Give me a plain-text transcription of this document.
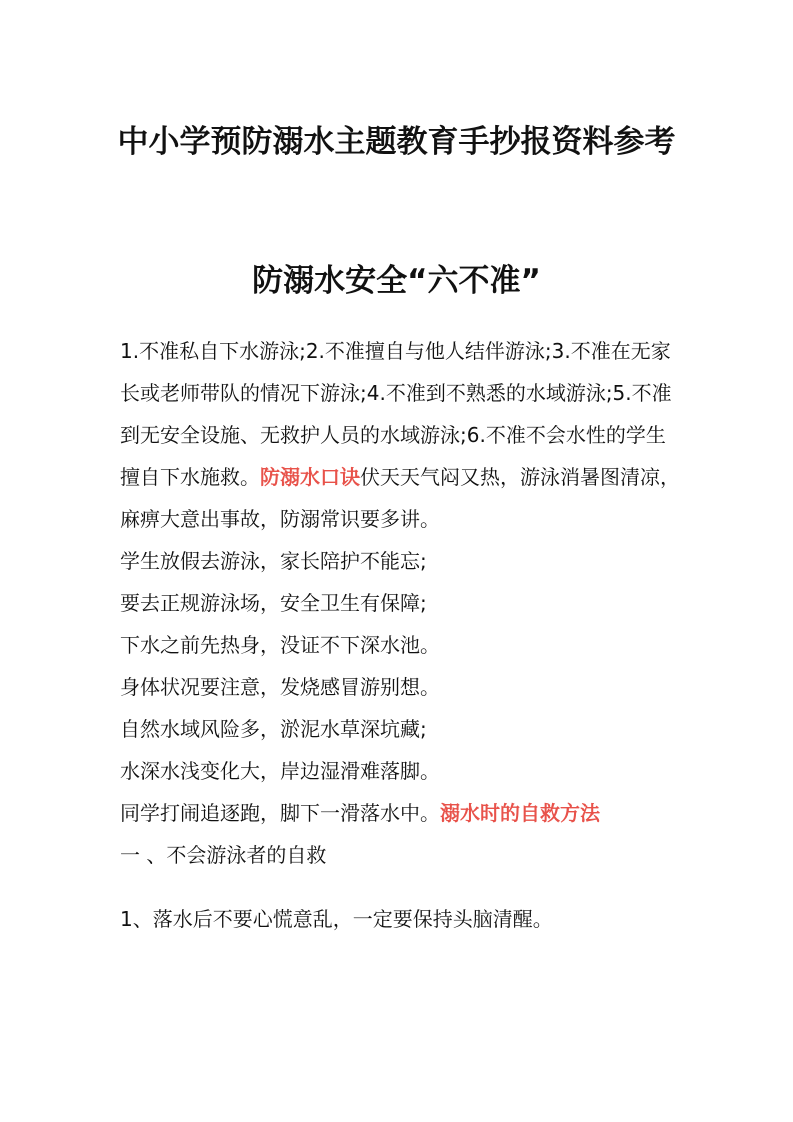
中小学预防溺水主题教育手抄报资料参考
防溺水安全“六不准”

1.不准私自下水游泳;2.不准擅自与他人结伴游泳;3.不准在无家长或老师带队的情况下游泳;4.不准到不熟悉的水域游泳;5.不准到无安全设施、无救护人员的水域游泳;6.不准不会水性的学生擅自下水施救。防溺水口诀伏天天气闷又热，游泳消暑图清凉，

麻痹大意出事故，防溺常识要多讲。

学生放假去游泳，家长陪护不能忘;

要去正规游泳场，安全卫生有保障;

下水之前先热身，没证不下深水池。

身体状况要注意，发烧感冒游别想。

自然水域风险多，淤泥水草深坑藏;

水深水浅变化大，岸边湿滑难落脚。

同学打闹追逐跑，脚下一滑落水中。溺水时的自救方法

一 、不会游泳者的自救

1、落水后不要心慌意乱，一定要保持头脑清醒。
